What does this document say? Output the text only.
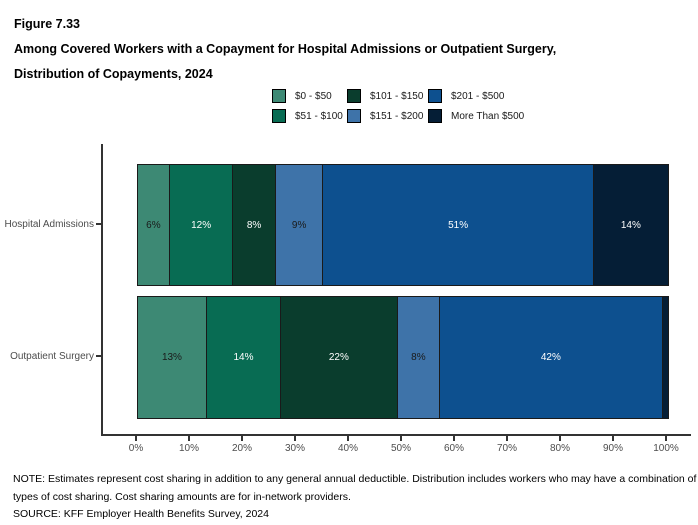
Figure 7.33
Among Covered Workers with a Copayment for Hospital Admissions or Outpatient Surgery,
Distribution of Copayments, 2024
$0 - $50
$51 - $100
$101 - $150
$151 - $200
$201 - $500
More Than $500
Hospital Admissions
Outpatient Surgery
6%	12%	8%	9%	51%	14%
13%	14%	22%	8%	42%
0%	10%	20%	30%	40%	50%	60%	70%	80%	90%	100%
NOTE: Estimates represent cost sharing in addition to any general annual deductible. Distribution includes workers who may have a combination of
types of cost sharing. Cost sharing amounts are for in-network providers.
SOURCE: KFF Employer Health Benefits Survey, 2024
